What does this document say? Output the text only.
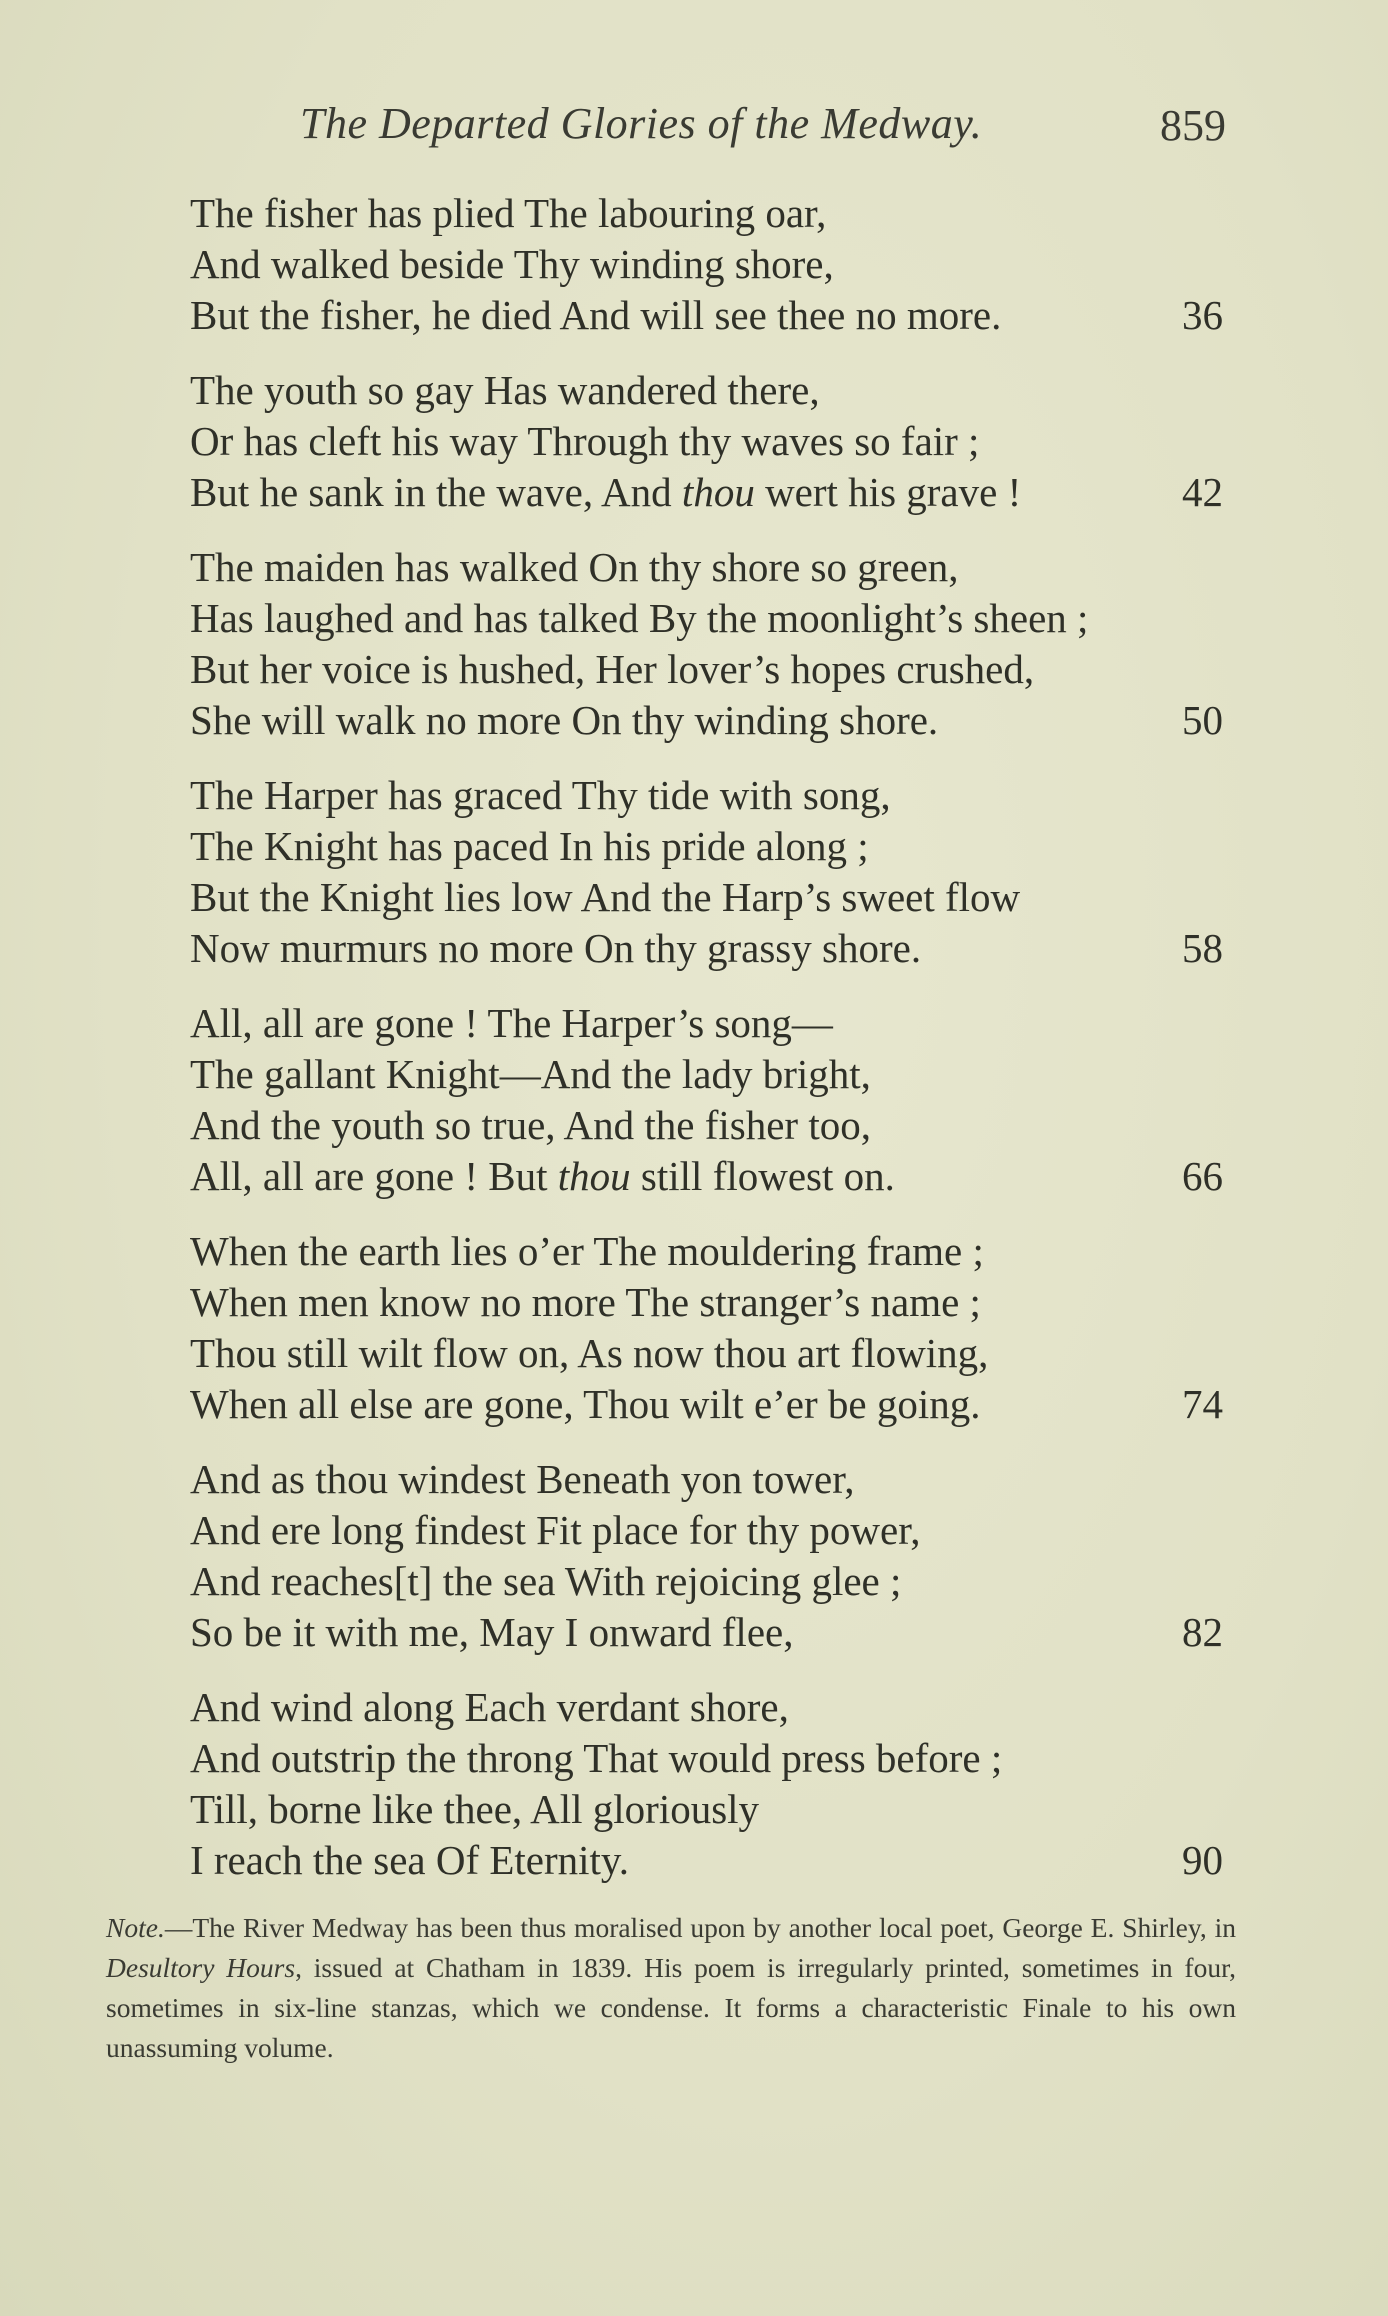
The Departed Glories of the Medway.	859
The fisher has plied The labouring oar,
And walked beside Thy winding shore,
But the fisher, he died And will see thee no more.	36
The youth so gay Has wandered there,
Or has cleft his way Through thy waves so fair ;
But he sank in the wave, And thou wert his grave !	42
The maiden has walked On thy shore so green,
Has laughed and has talked By the moonlight’s sheen ;
But her voice is hushed, Her lover’s hopes crushed,
She will walk no more On thy winding shore.	50
The Harper has graced Thy tide with song,
The Knight has paced In his pride along ;
But the Knight lies low And the Harp’s sweet flow
Now murmurs no more On thy grassy shore.	58
All, all are gone ! The Harper’s song—
The gallant Knight—And the lady bright,
And the youth so true, And the fisher too,
All, all are gone ! But thou still flowest on.	66
When the earth lies o’er The mouldering frame ;
When men know no more The stranger’s name ;
Thou still wilt flow on, As now thou art flowing,
When all else are gone, Thou wilt e’er be going.	74
And as thou windest Beneath yon tower,
And ere long findest Fit place for thy power,
And reaches[t] the sea With rejoicing glee ;
So be it with me, May I onward flee,	82
And wind along Each verdant shore,
And outstrip the throng That would press before ;
Till, borne like thee, All gloriously
I reach the sea Of Eternity.	90
Note.—The River Medway has been thus moralised upon by another local poet, George E. Shirley, in Desultory Hours, issued at Chatham in 1839. His poem is irregularly printed, sometimes in four, sometimes in six-line stanzas, which we condense. It forms a characteristic Finale to his own unassuming volume.
